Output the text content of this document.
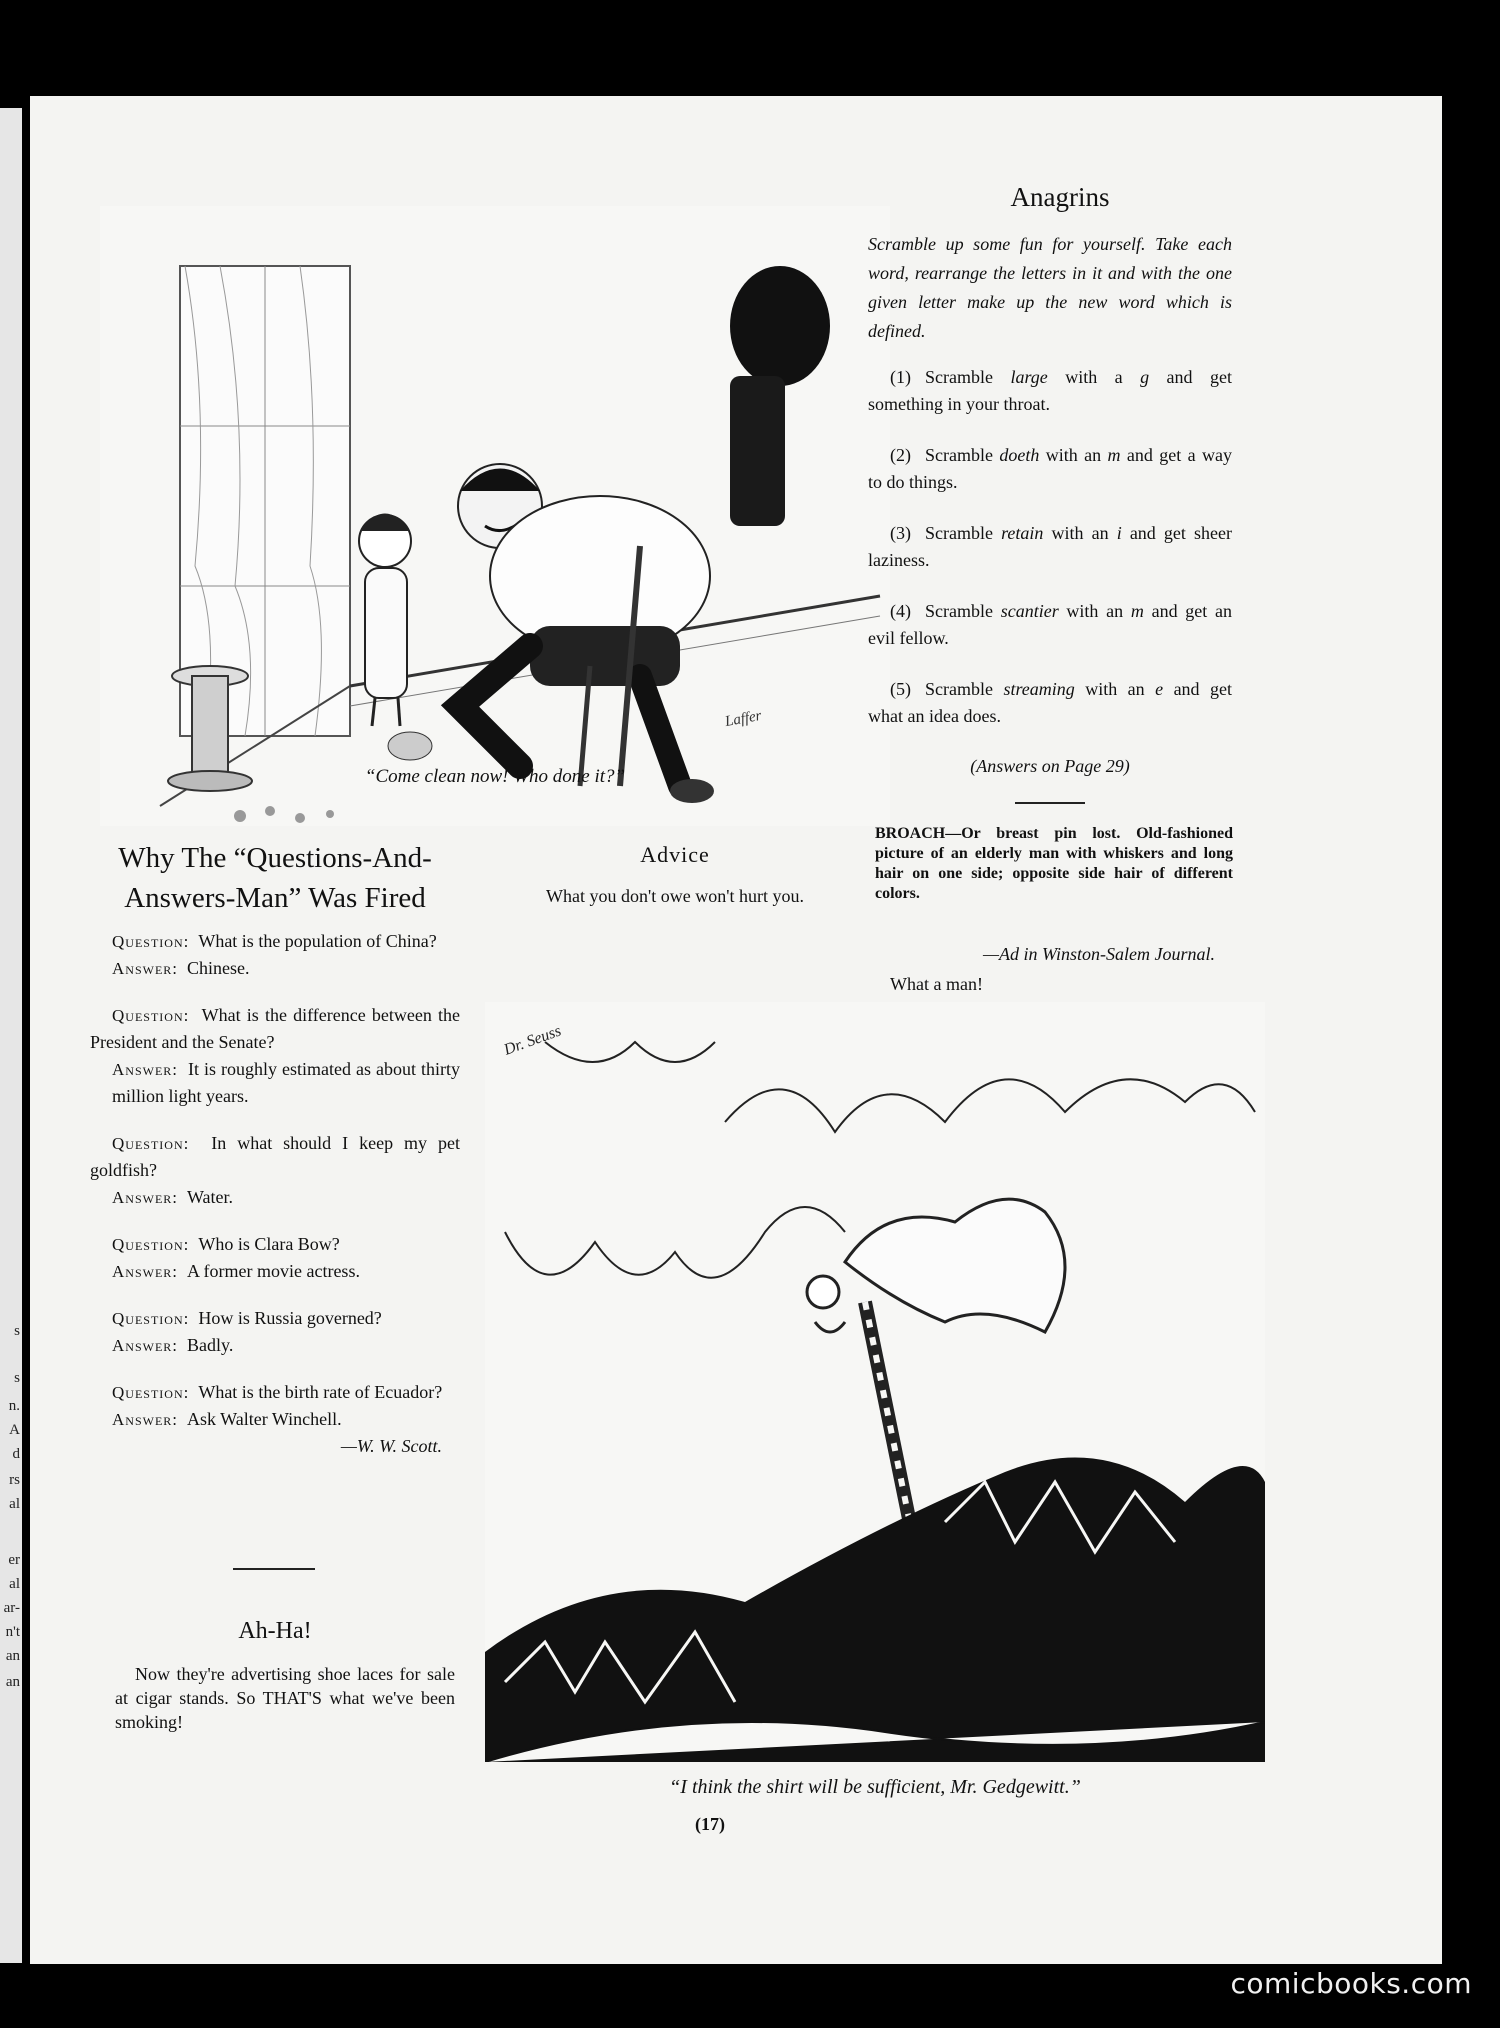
s
s
n.
A
d
rs
al
er
al
ar-
n't
an
an
Laffer
“Come clean now! Who done it?”
Anagrins
Scramble up some fun for yourself. Take each word, rearrange the letters in it and with the one given letter make up the new word which is defined.
(1) Scramble large with a g and get something in your throat.
(2) Scramble doeth with an m and get a way to do things.
(3) Scramble retain with an i and get sheer laziness.
(4) Scramble scantier with an m and get an evil fellow.
(5) Scramble streaming with an e and get what an idea does.
(Answers on Page 29)
BROACH—Or breast pin lost. Old-fashioned picture of an elderly man with whiskers and long hair on one side; opposite side hair of different colors.
—Ad in Winston-Salem Journal.
What a man!
Why The “Questions-And-
Answers-Man” Was Fired
Question: What is the population of China?
Answer: Chinese.
Question: What is the difference between the President and the Senate?
Answer: It is roughly estimated as about thirty million light years.
Question: In what should I keep my pet goldfish?
Answer: Water.
Question: Who is Clara Bow?
Answer: A former movie actress.
Question: How is Russia governed?
Answer: Badly.
Question: What is the birth rate of Ecuador?
Answer: Ask Walter Winchell.
—W. W. Scott.
Ah-Ha!
Now they're advertising shoe laces for sale at cigar stands. So THAT'S what we've been smoking!
Advice
What you don't owe won't hurt you.
Dr. Seuss
“I think the shirt will be sufficient, Mr. Gedgewitt.”
(17)
comicbooks.com
